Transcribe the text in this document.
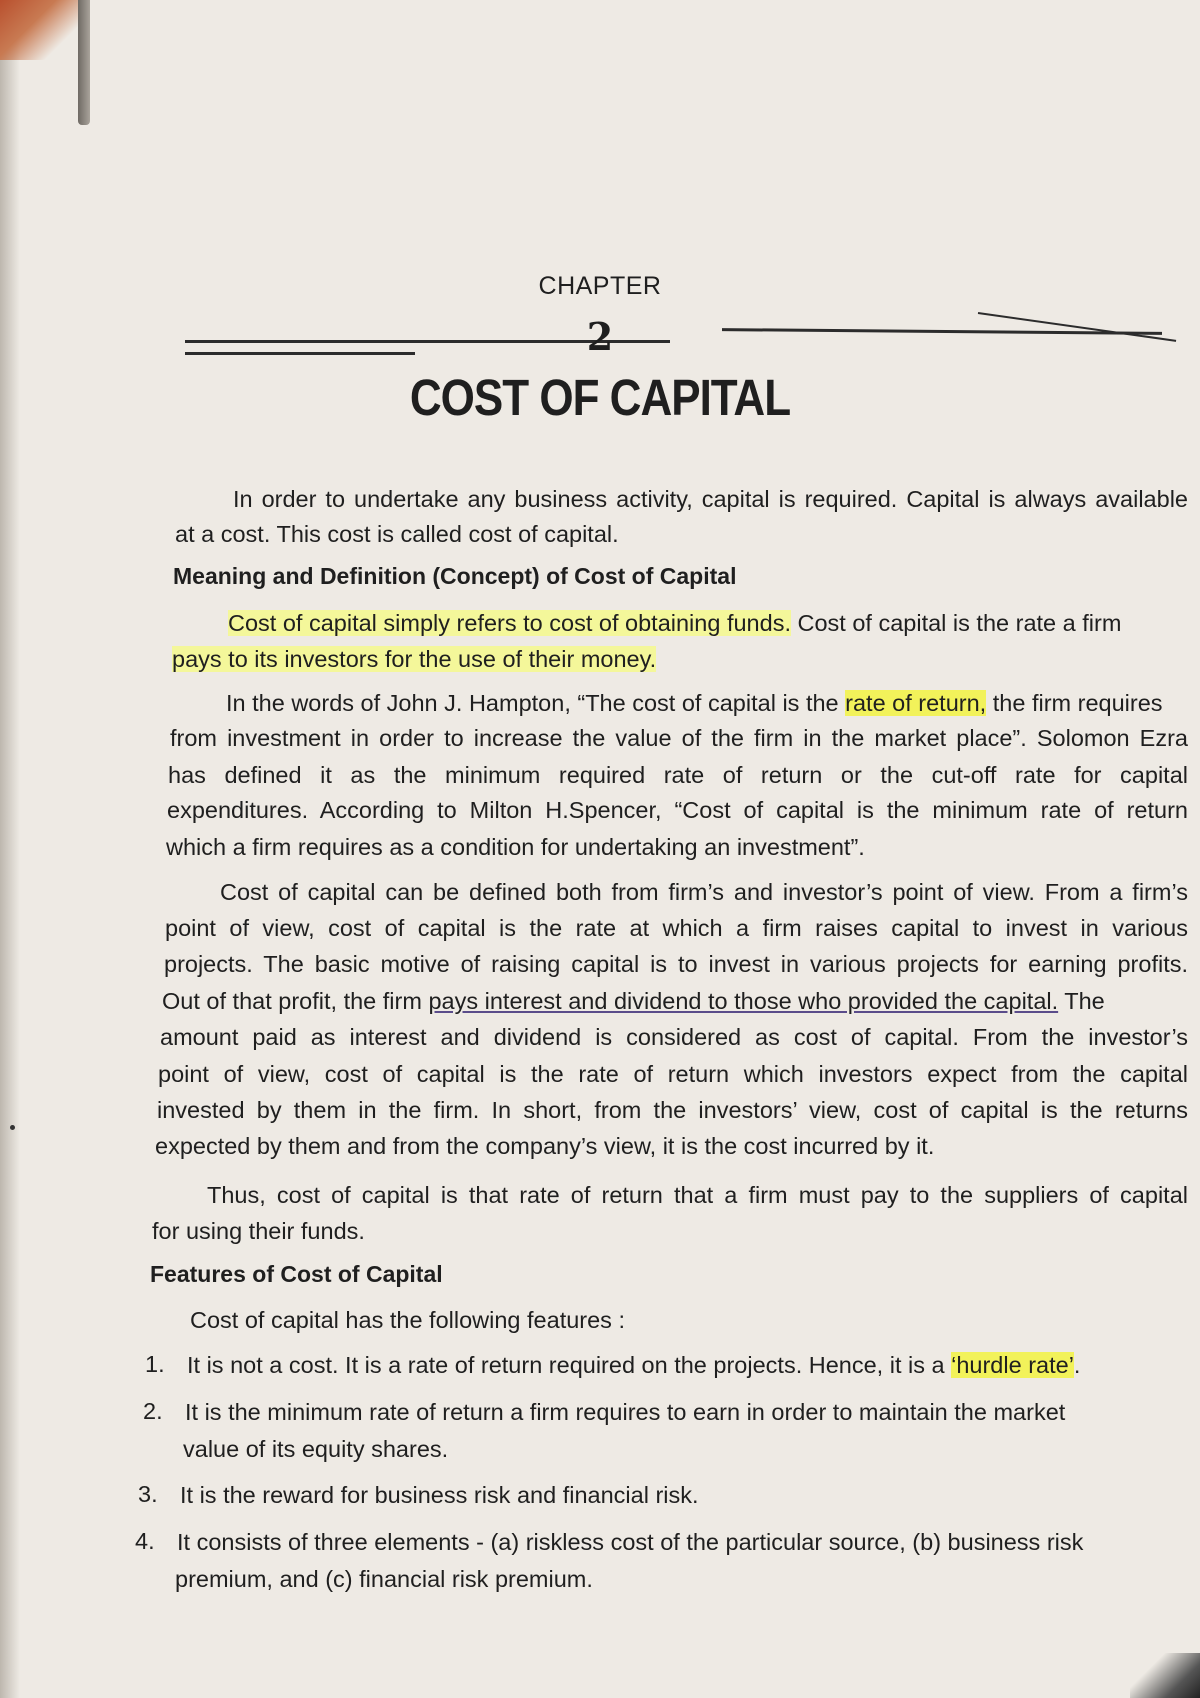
CHAPTER
2
COST OF CAPITAL
In order to undertake any business activity, capital is required. Capital is always available
at a cost. This cost is called cost of capital.
Meaning and Definition (Concept) of Cost of Capital
Cost of capital simply refers to cost of obtaining funds. Cost of capital is the rate a firm
pays to its investors for the use of their money.
In the words of John J. Hampton, “The cost of capital is the rate of return, the firm requires
from investment in order to increase the value of the firm in the market place”. Solomon Ezra
has defined it as the minimum required rate of return or the cut-off rate for capital
expenditures. According to Milton H.Spencer, “Cost of capital is the minimum rate of return
which a firm requires as a condition for undertaking an investment”.
Cost of capital can be defined both from firm’s and investor’s point of view. From a firm’s
point of view, cost of capital is the rate at which a firm raises capital to invest in various
projects. The basic motive of raising capital is to invest in various projects for earning profits.
Out of that profit, the firm pays interest and dividend to those who provided the capital. The
amount paid as interest and dividend is considered as cost of capital. From the investor’s
point of view, cost of capital is the rate of return which investors expect from the capital
invested by them in the firm. In short, from the investors’ view, cost of capital is the returns
expected by them and from the company’s view, it is the cost incurred by it.
Thus, cost of capital is that rate of return that a firm must pay to the suppliers of capital
for using their funds.
Features of Cost of Capital
Cost of capital has the following features :
1. It is not a cost. It is a rate of return required on the projects. Hence, it is a ‘hurdle rate’.
2. It is the minimum rate of return a firm requires to earn in order to maintain the market
value of its equity shares.
3. It is the reward for business risk and financial risk.
4. It consists of three elements - (a) riskless cost of the particular source, (b) business risk
premium, and (c) financial risk premium.
